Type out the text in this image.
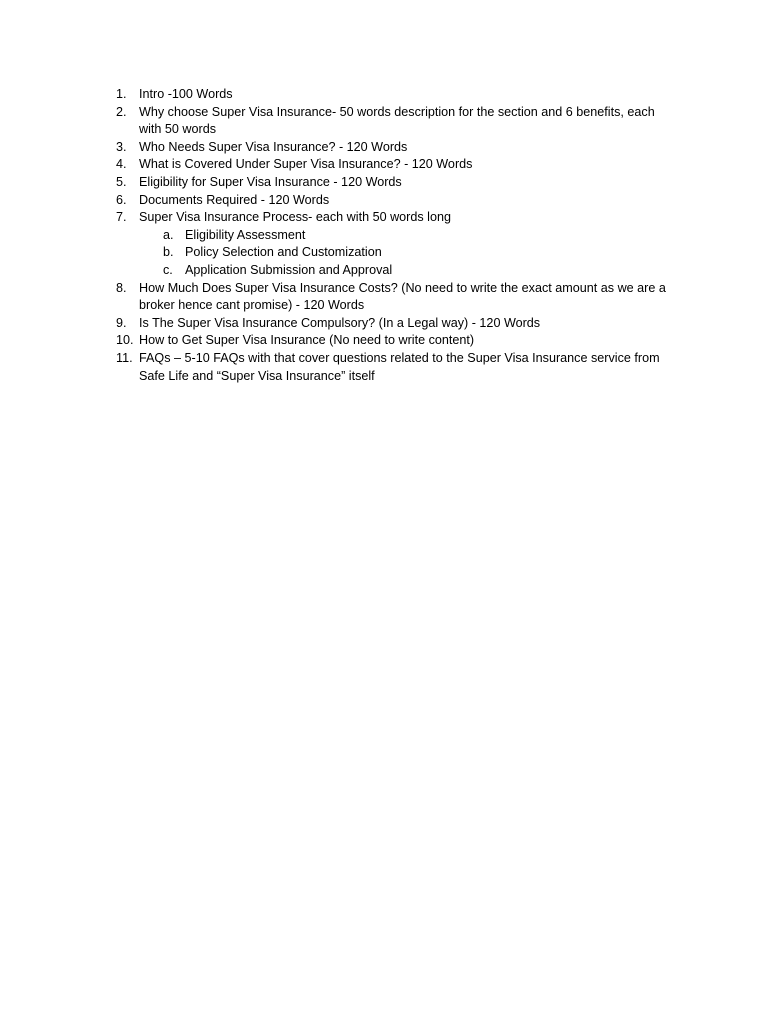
1. Intro -100 Words
2. Why choose Super Visa Insurance- 50 words description for the section and 6 benefits, each with 50 words
3. Who Needs Super Visa Insurance? - 120 Words
4. What is Covered Under Super Visa Insurance? - 120 Words
5. Eligibility for Super Visa Insurance - 120 Words
6. Documents Required - 120 Words
7. Super Visa Insurance Process- each with 50 words long
a. Eligibility Assessment
b. Policy Selection and Customization
c. Application Submission and Approval
8. How Much Does Super Visa Insurance Costs? (No need to write the exact amount as we are a broker hence cant promise) - 120 Words
9. Is The Super Visa Insurance Compulsory? (In a Legal way) - 120 Words
10. How to Get Super Visa Insurance (No need to write content)
11. FAQs – 5-10 FAQs with that cover questions related to the Super Visa Insurance service from Safe Life and “Super Visa Insurance” itself
